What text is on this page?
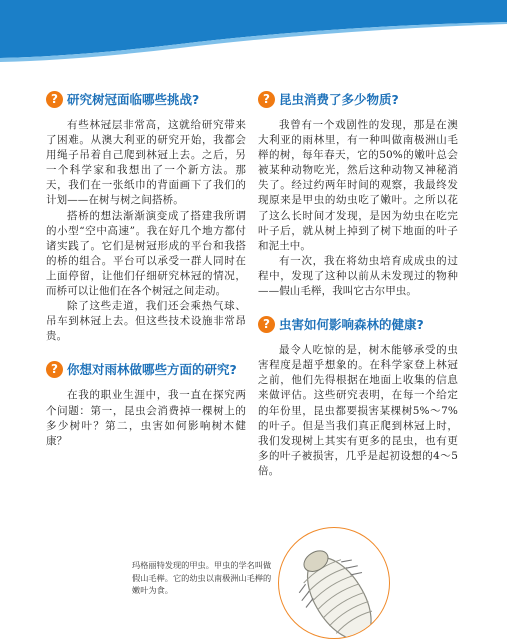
? 研究树冠面临哪些挑战?

有些林冠层非常高，这就给研究带来了困难。从澳大利亚的研究开始，我都会用绳子吊着自己爬到林冠上去。之后，另一个科学家和我想出了一个新方法。那天，我们在一张纸巾的背面画下了我们的计划——在树与树之间搭桥。

搭桥的想法渐渐演变成了搭建我所谓的小型“空中高速”。我在好几个地方都付诸实践了。它们是树冠形成的平台和我搭的桥的组合。平台可以承受一群人同时在上面停留，让他们仔细研究林冠的情况，而桥可以让他们在各个树冠之间走动。

除了这些走道，我们还会乘热气球、吊车到林冠上去。但这些技术设施非常昂贵。

? 你想对雨林做哪些方面的研究?

在我的职业生涯中，我一直在探究两个问题：第一，昆虫会消费掉一棵树上的多少树叶？第二，虫害如何影响树木健康？

? 昆虫消费了多少物质?

我曾有一个戏剧性的发现，那是在澳大利亚的雨林里，有一种叫做南极洲山毛榉的树，每年春天，它的50%的嫩叶总会被某种动物吃光，然后这种动物又神秘消失了。经过约两年时间的观察，我最终发现原来是甲虫的幼虫吃了嫩叶。之所以花了这么长时间才发现，是因为幼虫在吃完叶子后，就从树上掉到了树下地面的叶子和泥土中。

有一次，我在将幼虫培育成成虫的过程中，发现了这种以前从未发现过的物种——假山毛榉，我叫它古尔甲虫。

? 虫害如何影响森林的健康?

最令人吃惊的是，树木能够承受的虫害程度是超乎想象的。在科学家登上林冠之前，他们先得根据在地面上收集的信息来做评估。这些研究表明，在每一个给定的年份里，昆虫都要损害某棵树5%～7%的叶子。但是当我们真正爬到林冠上时，我们发现树上其实有更多的昆虫，也有更多的叶子被损害，几乎是起初设想的4～5倍。

玛格丽特发现的甲虫。甲虫的学名叫做假山毛榉。它的幼虫以南极洲山毛榉的嫩叶为食。
